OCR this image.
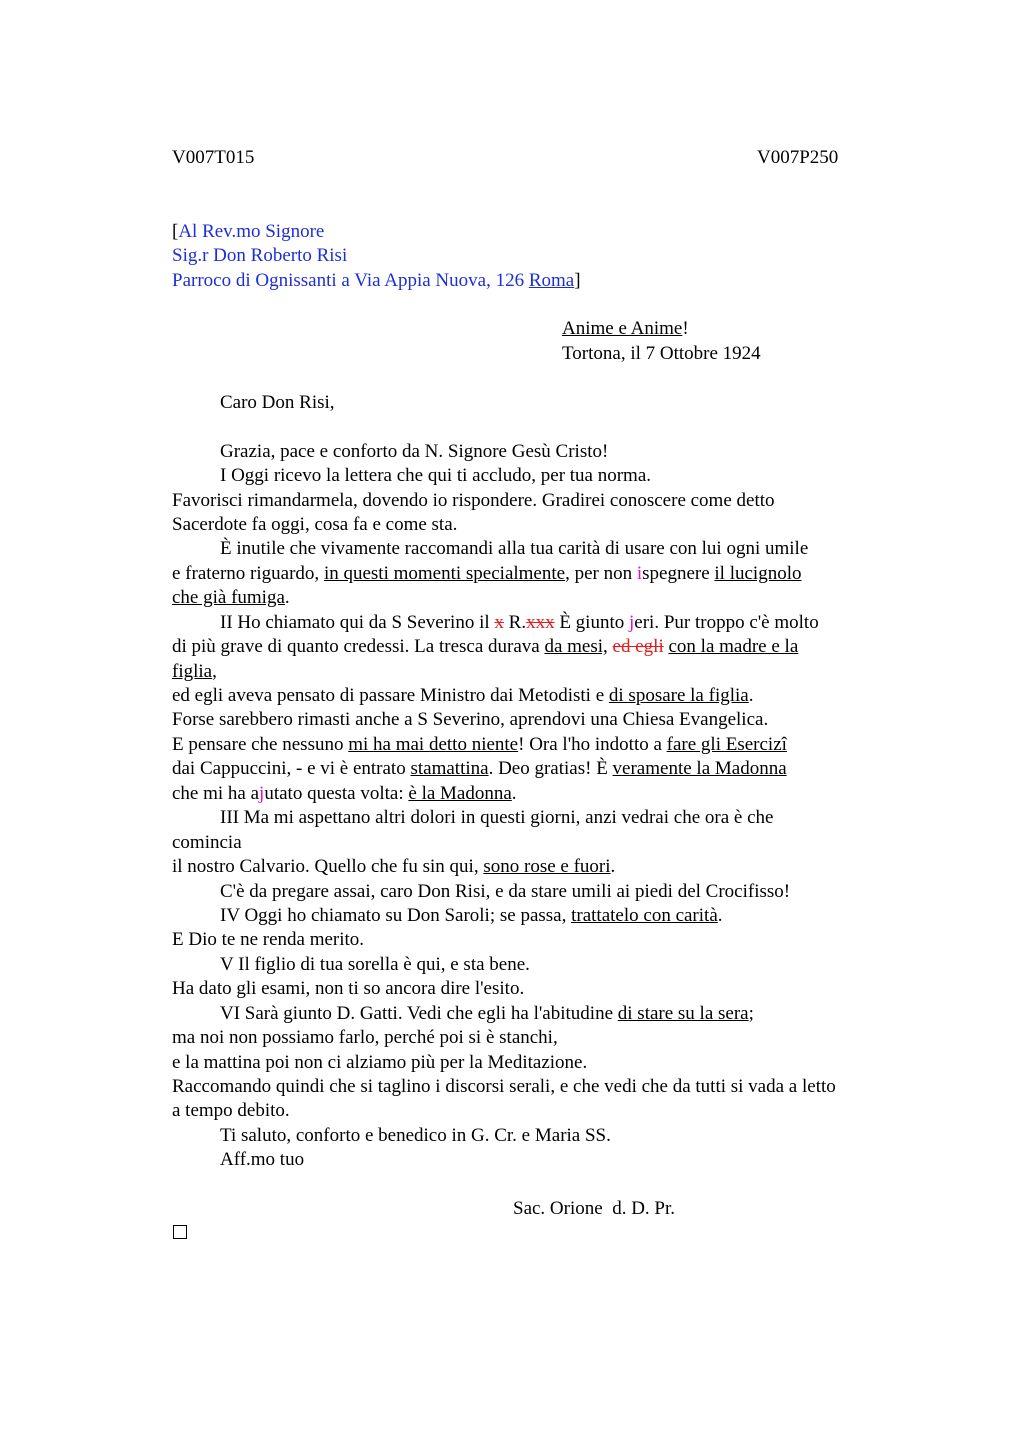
V007T015	V007P250
[Al Rev.mo Signore
Sig.r Don Roberto Risi
Parroco di Ognissanti a Via Appia Nuova, 126 Roma]
Anime e Anime!
Tortona, il 7 Ottobre 1924
Caro Don Risi,
Grazia, pace e conforto da N. Signore Gesù Cristo!
I Oggi ricevo la lettera che qui ti accludo, per tua norma.
Favorisci rimandarmela, dovendo io rispondere. Gradirei conoscere come detto
Sacerdote fa oggi, cosa fa e come sta.
È inutile che vivamente raccomandi alla tua carità di usare con lui ogni umile
e fraterno riguardo, in questi momenti specialmente, per non ispegnere il lucignolo
che già fumiga.
II Ho chiamato qui da S Severino il x R.xxx È giunto jeri. Pur troppo c'è molto
di più grave di quanto credessi. La tresca durava da mesi, ed egli con la madre e la
figlia,
ed egli aveva pensato di passare Ministro dai Metodisti e di sposare la figlia.
Forse sarebbero rimasti anche a S Severino, aprendovi una Chiesa Evangelica.
E pensare che nessuno mi ha mai detto niente! Ora l'ho indotto a fare gli Esercizî
dai Cappuccini, - e vi è entrato stamattina. Deo gratias! È veramente la Madonna
che mi ha ajutato questa volta: è la Madonna.
III Ma mi aspettano altri dolori in questi giorni, anzi vedrai che ora è che
comincia
il nostro Calvario. Quello che fu sin qui, sono rose e fuori.
C'è da pregare assai, caro Don Risi, e da stare umili ai piedi del Crocifisso!
IV Oggi ho chiamato su Don Saroli; se passa, trattatelo con carità.
E Dio te ne renda merito.
V Il figlio di tua sorella è qui, e sta bene.
Ha dato gli esami, non ti so ancora dire l'esito.
VI Sarà giunto D. Gatti. Vedi che egli ha l'abitudine di stare su la sera;
ma noi non possiamo farlo, perché poi si è stanchi,
e la mattina poi non ci alziamo più per la Meditazione.
Raccomando quindi che si taglino i discorsi serali, e che vedi che da tutti si vada a letto
a tempo debito.
Ti saluto, conforto e benedico in G. Cr. e Maria SS.
Aff.mo tuo
Sac. Orione  d. D. Pr.
